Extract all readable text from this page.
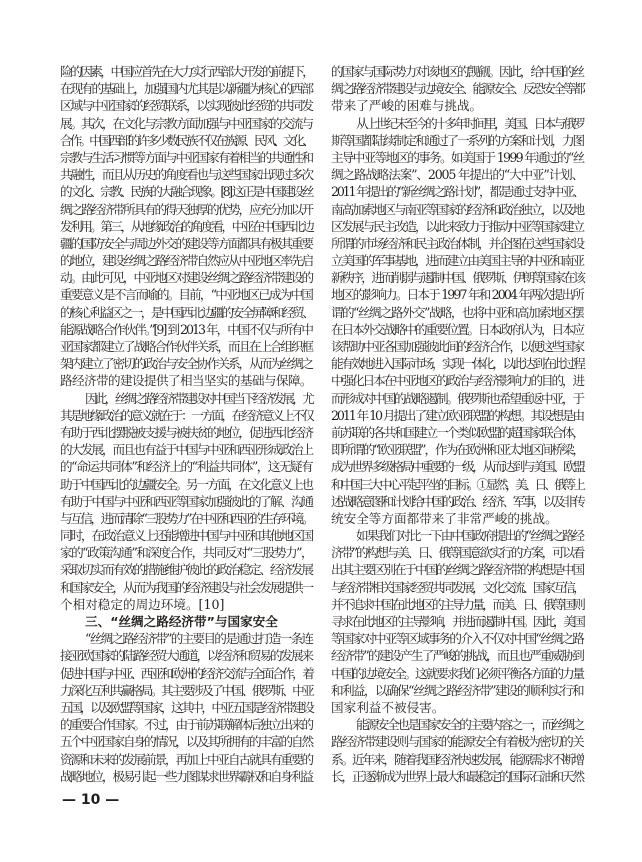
险的因素，中国应首先在大力实行西部大开发的前提下，
在现有的基础上，加强国内尤其是以新疆为核心的西部
区域与中亚国家的经贸联系，以实现彼此经贸的共同发
展。其次，在文化与宗教方面加强与中亚国家的交流与
合作。中国西部的许多少数民族不仅在族源、民风、文化、
宗教与生活习惯等方面与中亚国家有着相当的共通性和
共融性，而且从历史的角度看也与这些国家出现过多次
的文化、宗教、民族的大融合现象。[8] 这正是中国建设丝
绸之路经济带所具有的得天独厚的优势，应充分加以开
发利用。第三，从地缘政治的角度看，中亚在中国西北边
疆的国防安全与周边外交的建设等方面都具有极其重要
的地位，建设丝绸之路经济带自然应从中亚地区率先启
动。由此可见，中亚地区对建设丝绸之路经济带建设的
重要意义是不言而喻的。目前，“中亚地区已成为中国
的核心利益区之一，是中国西北边疆的安全屏障和经贸、
能源战略合作伙伴。”[9] 到 2013 年，中国不仅与所有中
亚国家都建立了战略合作伙伴关系，而且在上合组织框
架内建立了密切的政治与安全协作关系，从而为丝绸之
路经济带的建设提供了相当坚实的基础与保障。
因此，丝绸之路经济带建设对中国当下经济发展，尤
其是地缘政治的意义就在于：一方面，在经济意义上不仅
有助于西北摆脱被支援与被扶贫的地位，促进西北经济
的大发展，而且也有益于中国与中亚和西亚形成政治上
的“命运共同体”和经济上的“利益共同体”，这无疑有
助于中国西北的边疆安全。另一方面，在文化意义上也
有助于中国与中亚和西亚等国家加强彼此的了解、沟通
与互信，进而清除“三股势力”在中亚和西亚的生存环境。
同时，在政治意义上还能增进中国与中亚和其他地区国
家的“政策沟通”和深度合作，共同反对“三股势力”，
采取切实而有效的措施维护彼此的政治稳定、经济发展
和国家安全，从而为我国的经济建设与社会发展提供一
个相对稳定的周边环境。[10]
三、“丝绸之路经济带”与国家安全
“丝绸之路经济带”的主要目的是通过打造一条连
接亚欧国家的陆路经贸大通道，以经济和贸易的发展来
促进中国与中亚、西亚和欧洲的经济交流与全面合作，着
力深化互利共赢格局。其主要涉及了中国、俄罗斯、中亚
五国，以及欧盟等国家，这其中，中亚五国是经济带建设
的重要合作国家。不过，由于前苏联解体后独立出来的
五个中亚国家自身的情况，以及其所拥有的丰富的自然
资源和未来的发展前景，再加上中亚自古就具有重要的
战略地位，极易引起一些力图谋求世界霸权和自身利益
的国家与国际势力对该地区的觊觎。因此，给中国的丝
绸之路经济带建设与边境安全、能源安全、反恐安全等都
带来了严峻的困难与挑战。
从上世纪末至今的十多年时间里，美国、日本与俄罗
斯等国都陆续制定和通过了一系列的方案和计划，力图
主导中亚等地区的事务。如美国于 1999 年通过的“丝
绸之路战略法案”、2005 年提出的“大中亚”计划、
2011 年提出的“新丝绸之路计划”，都是通过支持中亚、
南高加索地区与南亚等国家的经济和政治独立，以及地
区发展与民主改造，以此来致力于推动中亚等国家建立
所谓的市场经济和民主政治体制，并企图在这些国家设
立美国的军事基地，进而建立由美国主导的中亚和南亚
新秩序，进而削弱与遏制中国、俄罗斯、伊朗等国家在该
地区的影响力。日本于 1997 年和 2004 年两次提出所
谓的“丝绸之路外交”战略，也将中亚和高加索地区摆
在日本外交战略中的重要位置。日本政府认为，日本应
该帮助中亚各国加强彼此间的经济合作，以便这些国家
能有效地进入国际市场，实现一体化，以此达到在此过程
中强化日本在中亚地区的政治与经济影响力的目的，进
而形成对中国的战略遏制。俄罗斯也希望重返中亚，于
2011 年 10 月提出了建立欧亚联盟的构想。其设想是由
前苏联的各共和国建立一个类似欧盟的超国家联合体，
即所谓的“欧亚联盟”，作为在欧洲和亚太地区间桥梁，
成为世界多级格局中重要的一级，从而达到与美国、欧盟
和中国三大中心平起平坐的目标。①显然，美、日、俄等上
述战略意图和计划给中国的政治、经济、军事，以及非传
统安全等方面都带来了非常严峻的挑战。
如果我们对比一下由中国政府提出的“丝绸之路经
济带”的构想与美、日、俄等国意欲实行的方案，可以看
出其主要区别在于中国的丝绸之路经济带的构想是中国
与经济带相关国家经贸共同发展，文化交流、国家互信，
并不追求中国在此地区的主导力量，而美、日、俄等国则
寻求在此地区的主导影响，并进而遏制中国。因此，美国
等国家对中亚等区域事务的介入不仅对中国“丝绸之路
经济带”的建设产生了严峻的挑战，而且也严重威胁到
中国的边境安全。这就要求我们必须平衡各方面的力量
和利益，以确保“丝绸之路经济带”建设的顺利实行和
国家利益不被侵害。
能源安全也是国家安全的主要内容之一，而丝绸之
路经济带建设则与国家的能源安全有着极为密切的关
系。近年来，随着我国经济快速发展，能源需求不断增
长，正逐渐成为世界上最大和最稳定的国际石油和天然
— 10 —
